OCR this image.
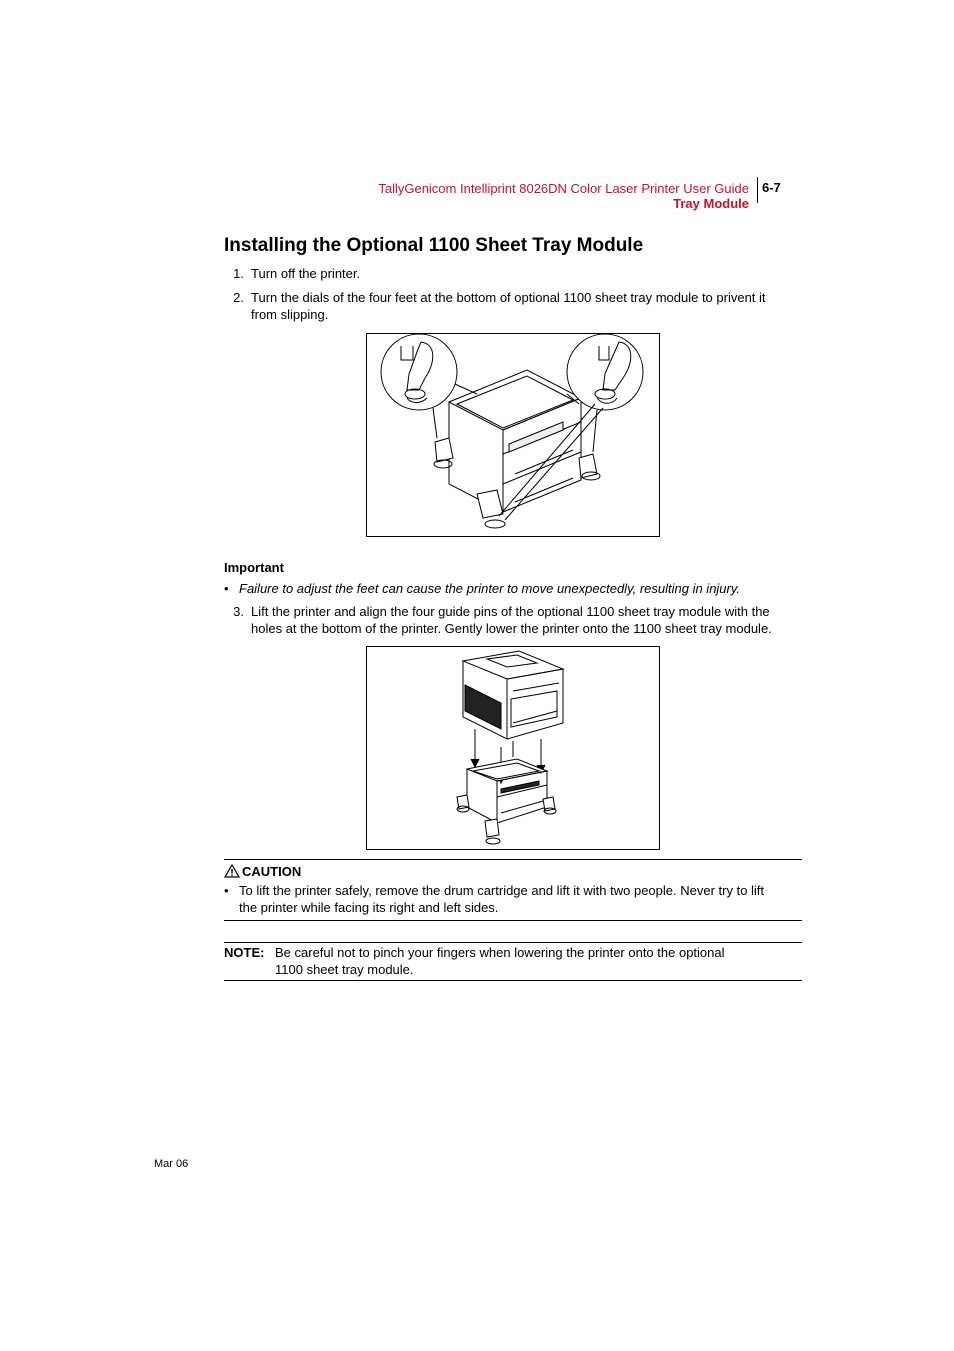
TallyGenicom Intelliprint 8026DN Color Laser Printer User Guide
Tray Module
6-7
Installing the Optional 1100 Sheet Tray Module
1. Turn off the printer.
2. Turn the dials of the four feet at the bottom of optional 1100 sheet tray module to privent it
from slipping.
Important
• Failure to adjust the feet can cause the printer to move unexpectedly, resulting in injury.
3. Lift the printer and align the four guide pins of the optional 1100 sheet tray module with the
holes at the bottom of the printer. Gently lower the printer onto the 1100 sheet tray module.
CAUTION
• To lift the printer safely, remove the drum cartridge and lift it with two people. Never try to lift
the printer while facing its right and left sides.
NOTE: Be careful not to pinch your fingers when lowering the printer onto the optional
1100 sheet tray module.
Mar 06
